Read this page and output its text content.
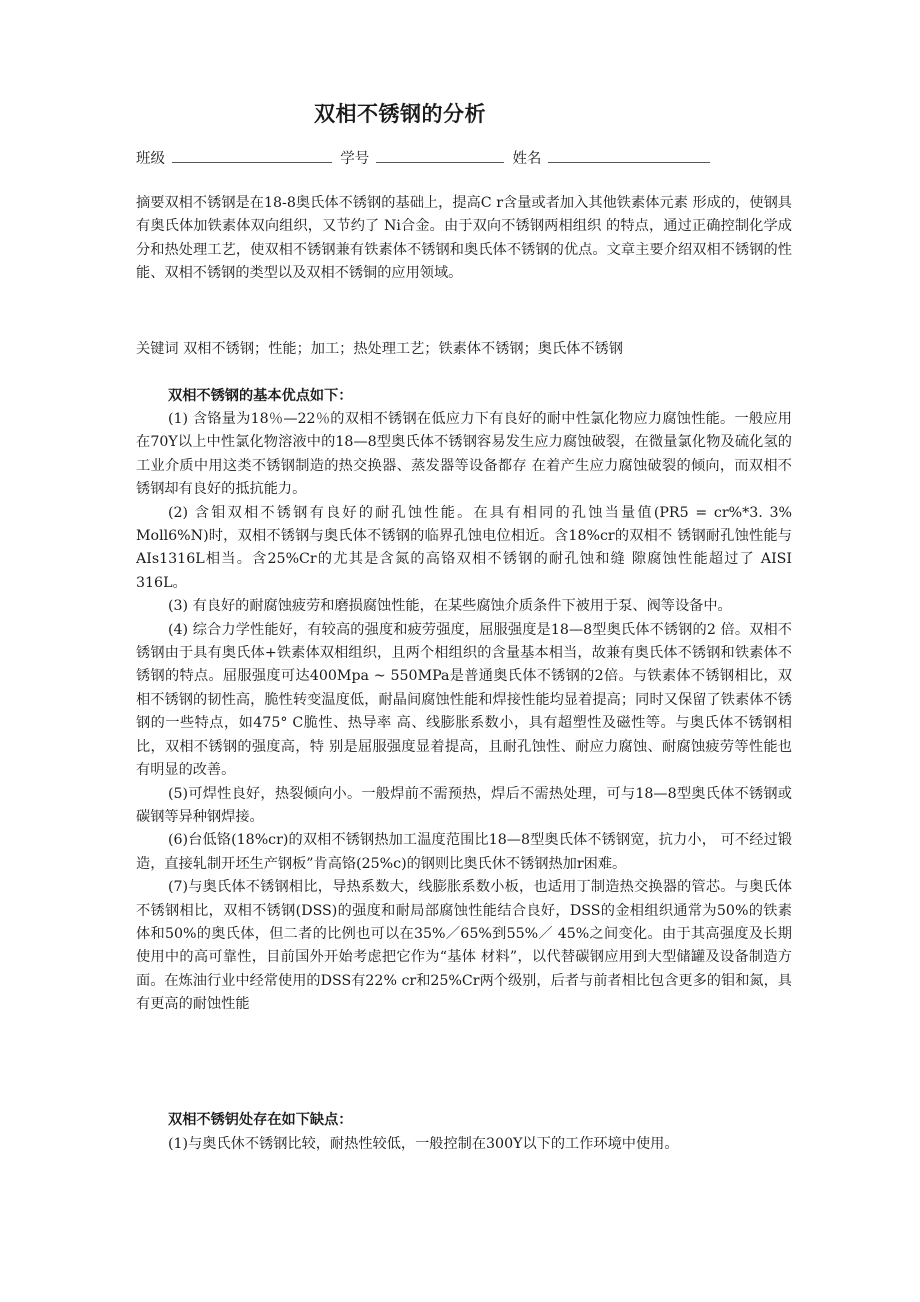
双相不锈钢的分析
班级	学号	姓名

摘要双相不锈钢是在18-8奥氏体不锈钢的基础上，提高C r含量或者加入其他铁素体元素 形成的，使钢具有奥氏体加铁素体双向组织，又节约了 Ni合金。由于双向不锈钢两相组织 的特点，通过正确控制化学成分和热处理工艺，使双相不锈钢兼有铁素体不锈钢和奥氏体不锈钢的优点。文章主要介绍双相不锈钢的性能、双相不锈钢的类型以及双相不锈铜的应用领域。

关键词 双相不锈钢；性能；加工；热处理工艺；铁素体不锈钢；奥氏体不锈钢

双相不锈钢的基本优点如下：

(1) 含铬量为18％—22％的双相不锈钢在低应力下有良好的耐中性氯化物应力腐蚀性能。一般应用在70Y以上中性氯化物溶液中的18—8型奥氏体不锈钢容易发生应力腐蚀破裂，在微量氯化物及硫化氢的工业介质中用这类不锈钢制造的热交换器、蒸发器等设备都存 在着产生应力腐蚀破裂的倾向，而双相不锈钢却有良好的抵抗能力。

(2) 含钼双相不锈钢有良好的耐孔蚀性能。在具有相同的孔蚀当量值(PR5 = cr%*3. 3% Moll6%N)时，双相不锈钢与奥氏体不锈钢的临界孔蚀电位相近。含18%cr的双相不 锈钢耐孔蚀性能与AIs1316L相当。含25%Cr的尤其是含氮的高铬双相不锈钢的耐孔蚀和缝 隙腐蚀性能超过了 AISI 316L。

(3) 有良好的耐腐蚀疲劳和磨损腐蚀性能，在某些腐蚀介质条件下被用于泵、阀等设备中。

(4) 综合力学性能好，有较高的强度和疲劳强度，屈服强度是18—8型奥氏体不锈钢的2 倍。双相不锈钢由于具有奥氏体+铁素体双相组织，且两个相组织的含量基本相当，故兼有奥氏体不锈钢和铁素体不锈钢的特点。屈服强度可达400Mpa ~ 550MPa是普通奥氏体不锈钢的2倍。与铁素体不锈钢相比，双相不锈钢的韧性高，脆性转变温度低，耐晶间腐蚀性能和焊接性能均显着提高；同时又保留了铁素体不锈钢的一些特点，如475° C脆性、热导率 高、线膨胀系数小，具有超塑性及磁性等。与奥氏体不锈钢相比，双相不锈钢的强度高，特 别是屈服强度显着提高，且耐孔蚀性、耐应力腐蚀、耐腐蚀疲劳等性能也有明显的改善。

(5)可焊性良好，热裂倾向小。一般焊前不需预热，焊后不需热处理，可与18—8型奥氏体不锈钢或碳钢等异种钢焊接。

(6)台低铬(18%cr)的双相不锈钢热加工温度范围比18—8型奥氏体不锈钢宽，抗力小， 可不经过锻造，直接轧制开坯生产钢板”肯高铬(25%c)的钢则比奥氏休不锈钢热加r困难。

(7)与奥氏体不锈钢相比，导热系数大，线膨胀系数小板，也适用丁制造热交换器的管芯。与奥氏体不锈钢相比，双相不锈钢(DSS)的强度和耐局部腐蚀性能结合良好，DSS的金相组织通常为50%的铁素体和50%的奥氏体，但二者的比例也可以在35%／65%到55%／ 45%之间变化。由于其高强度及长期使用中的高可靠性，目前国外开始考虑把它作为“基体 材料”，以代替碳钢应用到大型储罐及设备制造方面。在炼油行业中经常使用的DSS有22% cr和25%Cr两个级别，后者与前者相比包含更多的钼和氮，具有更高的耐蚀性能

双相不锈钥处存在如下缺点：

(1)与奥氏休不锈钢比较，耐热性较低，一般控制在300Y以下的工作环境中使用。
